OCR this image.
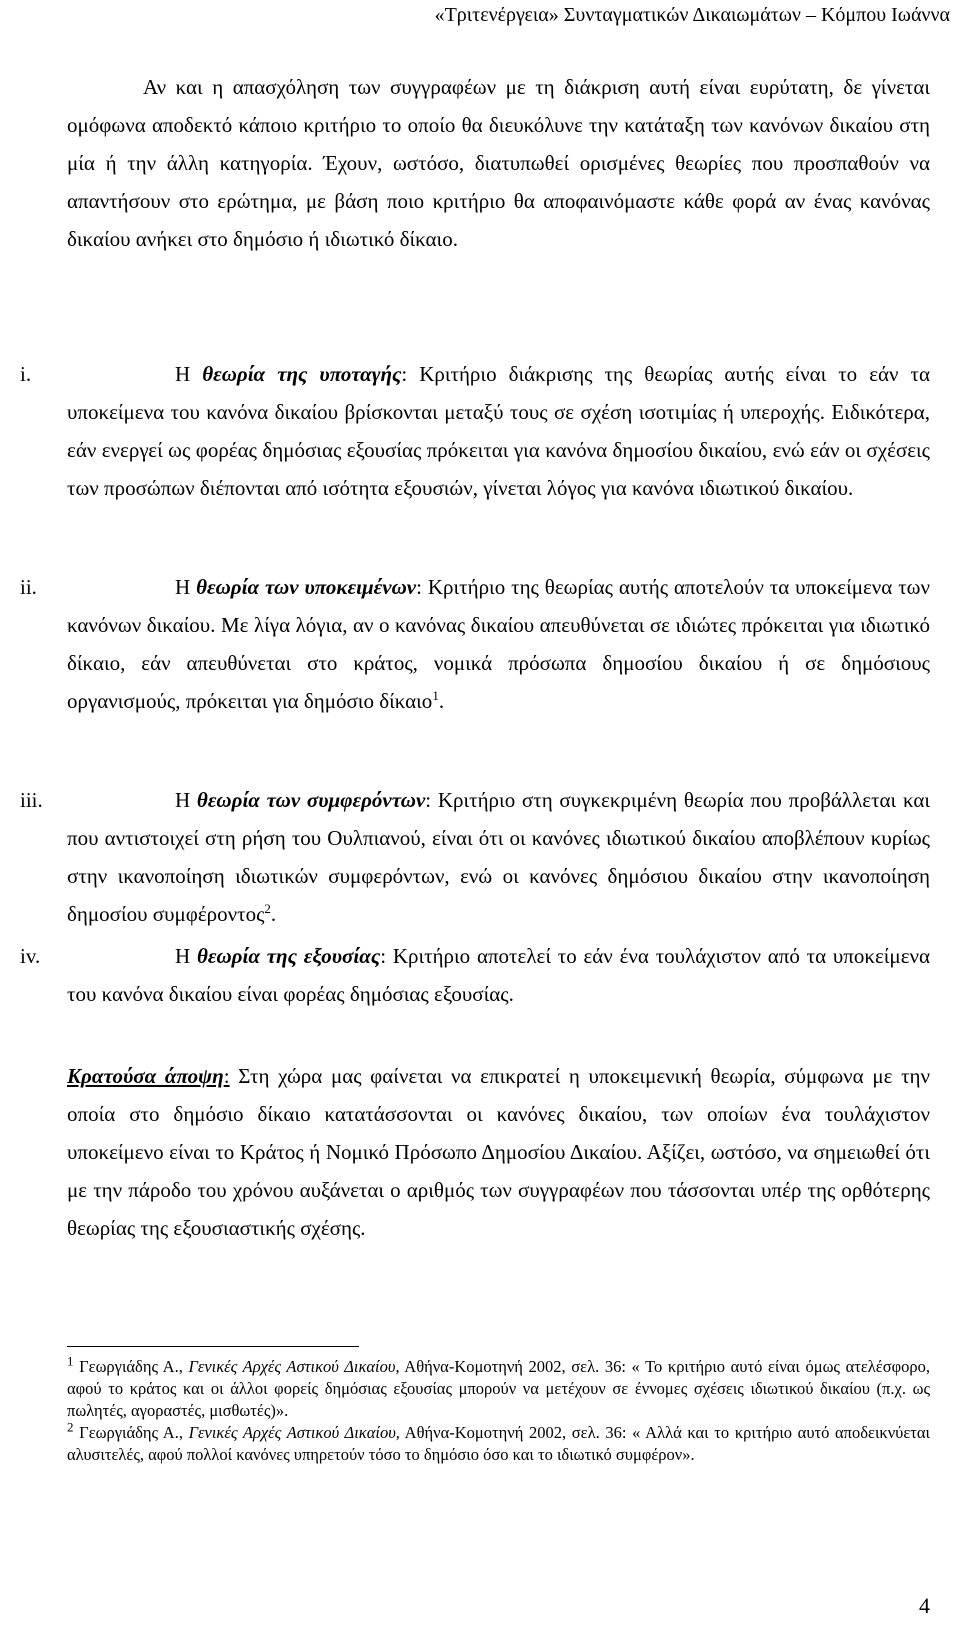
«Τριτενέργεια» Συνταγματικών Δικαιωμάτων – Κόμπου Ιωάννα
Αν και η απασχόληση των συγγραφέων με τη διάκριση αυτή είναι ευρύτατη, δε γίνεται ομόφωνα αποδεκτό κάποιο κριτήριο το οποίο θα διευκόλυνε την κατάταξη των κανόνων δικαίου στη μία ή την άλλη κατηγορία. Έχουν, ωστόσο, διατυπωθεί ορισμένες θεωρίες που προσπαθούν να απαντήσουν στο ερώτημα, με βάση ποιο κριτήριο θα αποφαινόμαστε κάθε φορά αν ένας κανόνας δικαίου ανήκει στο δημόσιο ή ιδιωτικό δίκαιο.
i.	Η θεωρία της υποταγής: Κριτήριο διάκρισης της θεωρίας αυτής είναι το εάν τα υποκείμενα του κανόνα δικαίου βρίσκονται μεταξύ τους σε σχέση ισοτιμίας ή υπεροχής. Ειδικότερα, εάν ενεργεί ως φορέας δημόσιας εξουσίας πρόκειται για κανόνα δημοσίου δικαίου, ενώ εάν οι σχέσεις των προσώπων διέπονται από ισότητα εξουσιών, γίνεται λόγος για κανόνα ιδιωτικού δικαίου.
ii.	Η θεωρία των υποκειμένων: Κριτήριο της θεωρίας αυτής αποτελούν τα υποκείμενα των κανόνων δικαίου. Με λίγα λόγια, αν ο κανόνας δικαίου απευθύνεται σε ιδιώτες πρόκειται για ιδιωτικό δίκαιο, εάν απευθύνεται στο κράτος, νομικά πρόσωπα δημοσίου δικαίου ή σε δημόσιους οργανισμούς, πρόκειται για δημόσιο δίκαιο$^1$.
iii.	Η θεωρία των συμφερόντων: Κριτήριο στη συγκεκριμένη θεωρία που προβάλλεται και που αντιστοιχεί στη ρήση του Ουλπιανού, είναι ότι οι κανόνες ιδιωτικού δικαίου αποβλέπουν κυρίως στην ικανοποίηση ιδιωτικών συμφερόντων, ενώ οι κανόνες δημόσιου δικαίου στην ικανοποίηση δημοσίου συμφέροντος$^2$.
iv.	Η θεωρία της εξουσίας: Κριτήριο αποτελεί το εάν ένα τουλάχιστον από τα υποκείμενα του κανόνα δικαίου είναι φορέας δημόσιας εξουσίας.
Κρατούσα άποψη: Στη χώρα μας φαίνεται να επικρατεί η υποκειμενική θεωρία, σύμφωνα με την οποία στο δημόσιο δίκαιο κατατάσσονται οι κανόνες δικαίου, των οποίων ένα τουλάχιστον υποκείμενο είναι το Κράτος ή Νομικό Πρόσωπο Δημοσίου Δικαίου. Αξίζει, ωστόσο, να σημειωθεί ότι με την πάροδο του χρόνου αυξάνεται ο αριθμός των συγγραφέων που τάσσονται υπέρ της ορθότερης θεωρίας της εξουσιαστικής σχέσης.

$^1$ Γεωργιάδης Α., Γενικές Αρχές Αστικού Δικαίου, Αθήνα-Κομοτηνή 2002, σελ. 36: « Το κριτήριο αυτό είναι όμως ατελέσφορο, αφού το κράτος και οι άλλοι φορείς δημόσιας εξουσίας μπορούν να μετέχουν σε έννομες σχέσεις ιδιωτικού δικαίου (π.χ. ως πωλητές, αγοραστές, μισθωτές)».

$^2$ Γεωργιάδης Α., Γενικές Αρχές Αστικού Δικαίου, Αθήνα-Κομοτηνή 2002, σελ. 36: « Αλλά και το κριτήριο αυτό αποδεικνύεται αλυσιτελές, αφού πολλοί κανόνες υπηρετούν τόσο το δημόσιο όσο και το ιδιωτικό συμφέρον».

4
